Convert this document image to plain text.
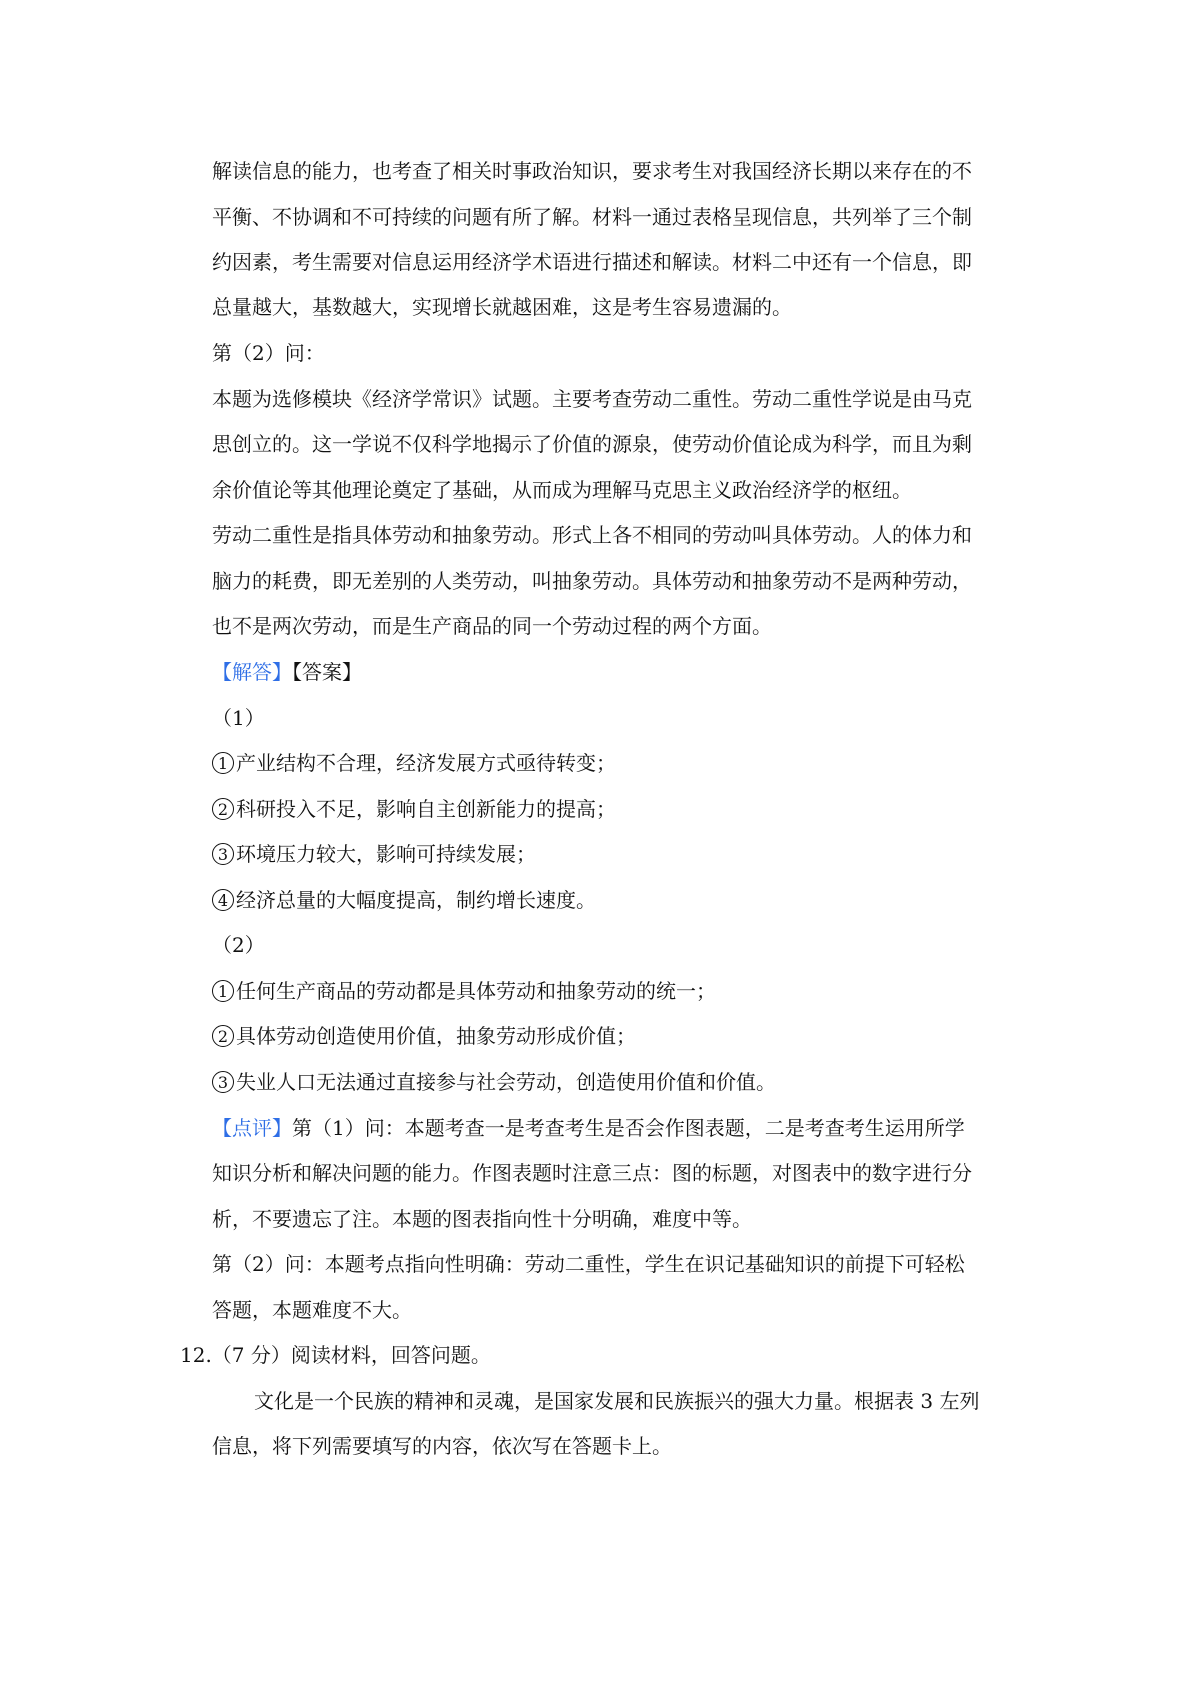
解读信息的能力，也考查了相关时事政治知识，要求考生对我国经济长期以来存在的不
平衡、不协调和不可持续的问题有所了解。材料一通过表格呈现信息，共列举了三个制
约因素，考生需要对信息运用经济学术语进行描述和解读。材料二中还有一个信息，即
总量越大，基数越大，实现增长就越困难，这是考生容易遗漏的。
第（2）问：
本题为选修模块《经济学常识》试题。主要考查劳动二重性。劳动二重性学说是由马克
思创立的。这一学说不仅科学地揭示了价值的源泉，使劳动价值论成为科学，而且为剩
余价值论等其他理论奠定了基础，从而成为理解马克思主义政治经济学的枢纽。
劳动二重性是指具体劳动和抽象劳动。形式上各不相同的劳动叫具体劳动。人的体力和
脑力的耗费，即无差别的人类劳动，叫抽象劳动。具体劳动和抽象劳动不是两种劳动，
也不是两次劳动，而是生产商品的同一个劳动过程的两个方面。
【解答】【答案】
（1）
1 产业结构不合理，经济发展方式亟待转变；
2 科研投入不足，影响自主创新能力的提高；
3 环境压力较大，影响可持续发展；
4 经济总量的大幅度提高，制约增长速度。
（2）
1 任何生产商品的劳动都是具体劳动和抽象劳动的统一；
2 具体劳动创造使用价值，抽象劳动形成价值；
3 失业人口无法通过直接参与社会劳动，创造使用价值和价值。
【点评】第（1）问：本题考查一是考查考生是否会作图表题，二是考查考生运用所学
知识分析和解决问题的能力。作图表题时注意三点：图的标题，对图表中的数字进行分
析，不要遗忘了注。本题的图表指向性十分明确，难度中等。
第（2）问：本题考点指向性明确：劳动二重性，学生在识记基础知识的前提下可轻松
答题，本题难度不大。
12.（7 分）阅读材料，回答问题。
文化是一个民族的精神和灵魂，是国家发展和民族振兴的强大力量。根据表 3 左列
信息，将下列需要填写的内容，依次写在答题卡上。
